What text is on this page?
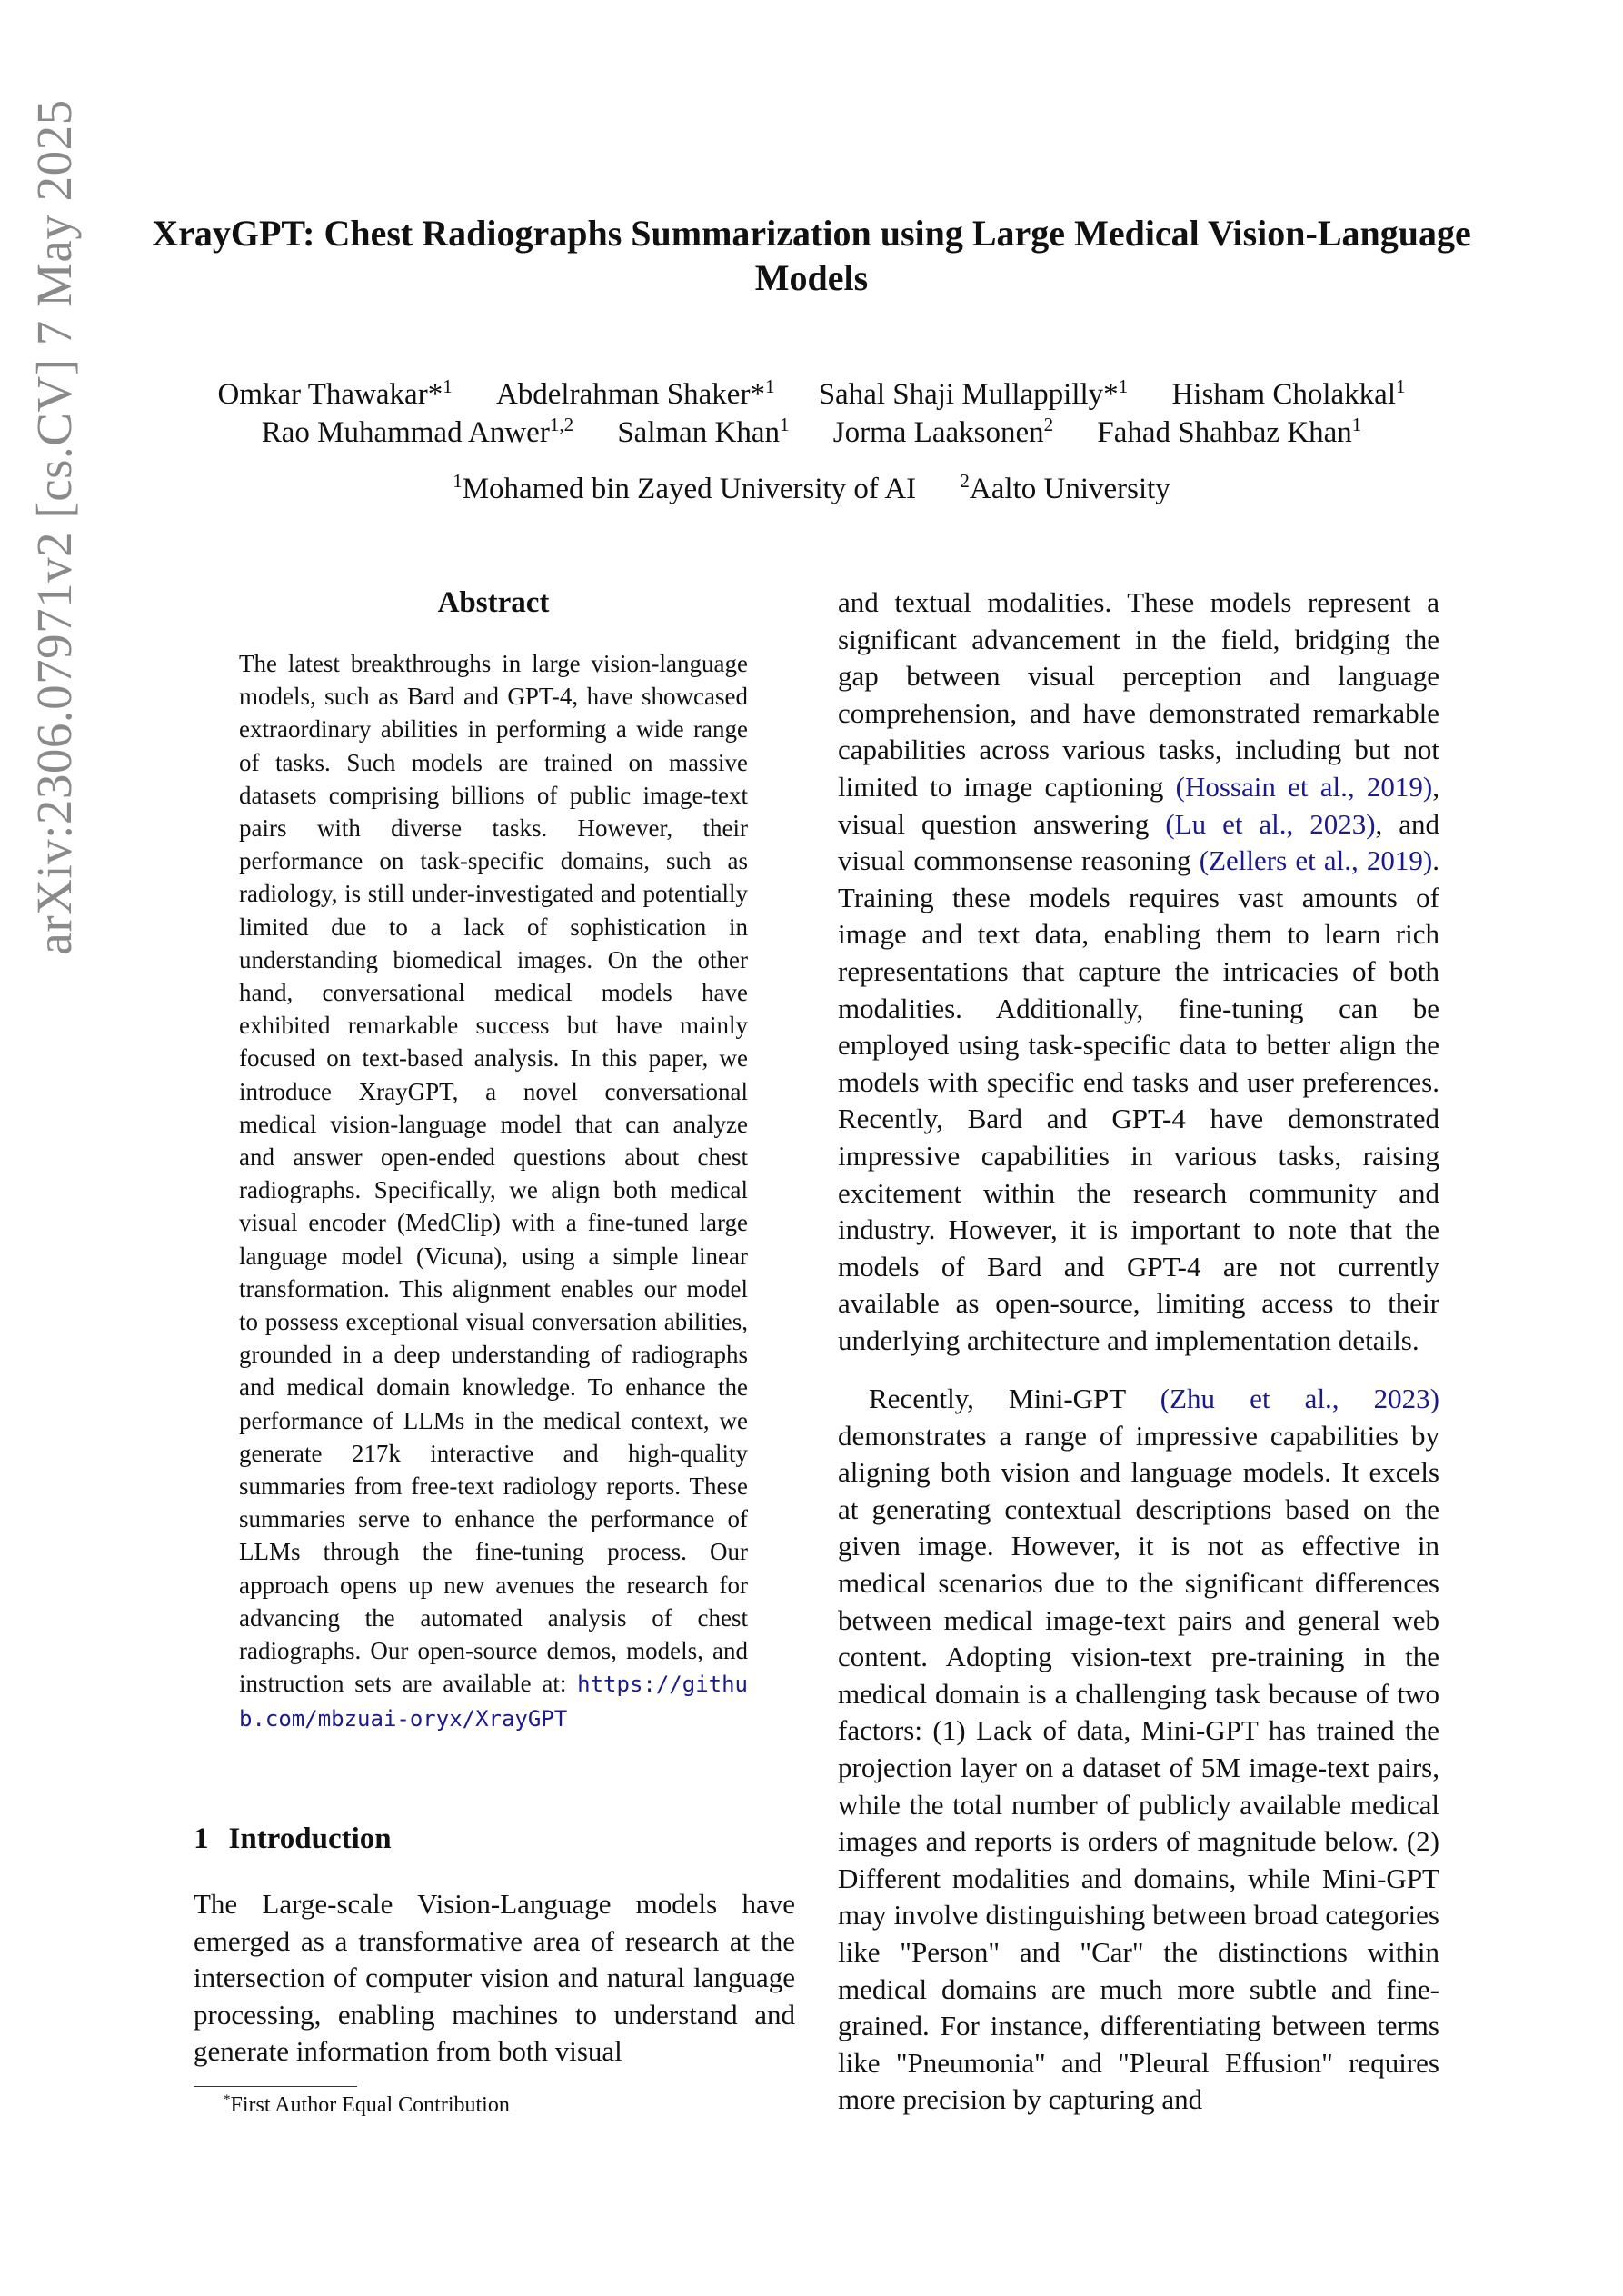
arXiv:2306.07971v2 [cs.CV] 7 May 2025	XrayGPT: Chest Radiographs Summarization using Large Medical Vision-Language Models
Omkar Thawakar*$^1$ Abdelrahman Shaker*$^1$ Sahal Shaji Mullappilly*$^1$ Hisham Cholakkal$^1$
Rao Muhammad Anwer$^{1,2}$ Salman Khan$^1$ Jorma Laaksonen$^2$ Fahad Shahbaz Khan$^1$
$^1$Mohamed bin Zayed University of AI $^2$Aalto University
Abstract
The latest breakthroughs in large vision-language models, such as Bard and GPT-4, have showcased extraordinary abilities in performing a wide range of tasks. Such models are trained on massive datasets comprising billions of public image-text pairs with diverse tasks. However, their performance on task-specific domains, such as radiology, is still under-investigated and potentially limited due to a lack of sophistication in understanding biomedical images. On the other hand, conversational medical models have exhibited remarkable success but have mainly focused on text-based analysis. In this paper, we introduce XrayGPT, a novel conversational medical vision-language model that can analyze and answer open-ended questions about chest radiographs. Specifically, we align both medical visual encoder (MedClip) with a fine-tuned large language model (Vicuna), using a simple linear transformation. This alignment enables our model to possess exceptional visual conversation abilities, grounded in a deep understanding of radiographs and medical domain knowledge. To enhance the performance of LLMs in the medical context, we generate 217k interactive and high-quality summaries from free-text radiology reports. These summaries serve to enhance the performance of LLMs through the fine-tuning process. Our approach opens up new avenues the research for advancing the automated analysis of chest radiographs. Our open-source demos, models, and instruction sets are available at: https://github.com/mbzuai-oryx/XrayGPT
1 Introduction
The Large-scale Vision-Language models have emerged as a transformative area of research at the intersection of computer vision and natural language processing, enabling machines to understand and generate information from both visual
*First Author Equal Contribution
and textual modalities. These models represent a significant advancement in the field, bridging the gap between visual perception and language comprehension, and have demonstrated remarkable capabilities across various tasks, including but not limited to image captioning (Hossain et al., 2019), visual question answering (Lu et al., 2023), and visual commonsense reasoning (Zellers et al., 2019). Training these models requires vast amounts of image and text data, enabling them to learn rich representations that capture the intricacies of both modalities. Additionally, fine-tuning can be employed using task-specific data to better align the models with specific end tasks and user preferences. Recently, Bard and GPT-4 have demonstrated impressive capabilities in various tasks, raising excitement within the research community and industry. However, it is important to note that the models of Bard and GPT-4 are not currently available as open-source, limiting access to their underlying architecture and implementation details.
Recently, Mini-GPT (Zhu et al., 2023) demonstrates a range of impressive capabilities by aligning both vision and language models. It excels at generating contextual descriptions based on the given image. However, it is not as effective in medical scenarios due to the significant differences between medical image-text pairs and general web content. Adopting vision-text pre-training in the medical domain is a challenging task because of two factors: (1) Lack of data, Mini-GPT has trained the projection layer on a dataset of 5M image-text pairs, while the total number of publicly available medical images and reports is orders of magnitude below. (2) Different modalities and domains, while Mini-GPT may involve distinguishing between broad categories like "Person" and "Car" the distinctions within medical domains are much more subtle and fine-grained. For instance, differentiating between terms like "Pneumonia" and "Pleural Effusion" requires more precision by capturing and
